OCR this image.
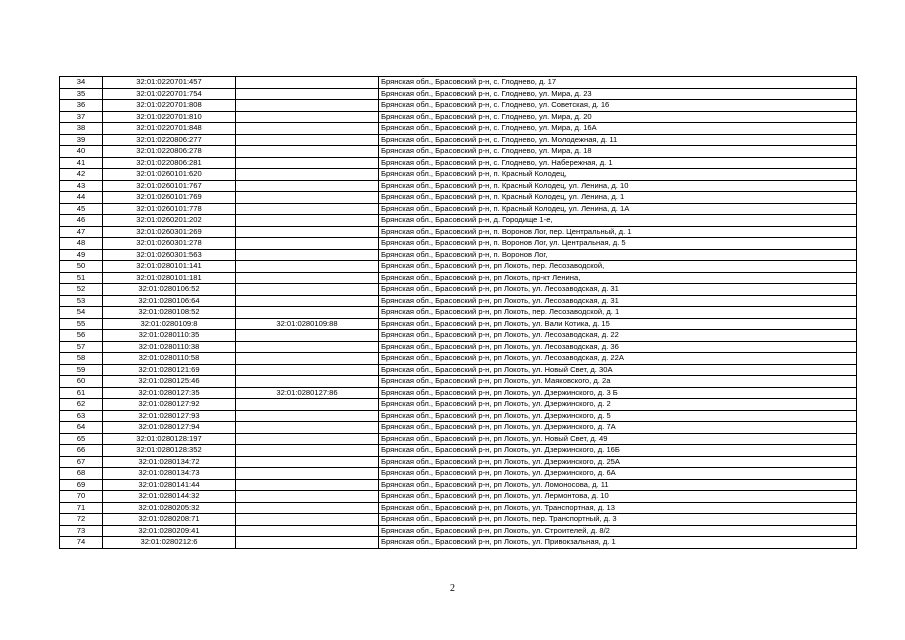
34	32:01:0220701:457		Брянская обл., Брасовский р-н, с. Глоднево, д. 17
35	32:01:0220701:754		Брянская обл., Брасовский р-н, с. Глоднево, ул. Мира, д. 23
36	32:01:0220701:808		Брянская обл., Брасовский р-н, с. Глоднево, ул. Советская, д. 16
37	32:01:0220701:810		Брянская обл., Брасовский р-н, с. Глоднево, ул. Мира, д. 20
38	32:01:0220701:848		Брянская обл., Брасовский р-н, с. Глоднево, ул. Мира, д. 16А
39	32:01:0220806:277		Брянская обл., Брасовский р-н, с. Глоднево, ул. Молодежная, д. 11
40	32:01:0220806:278		Брянская обл., Брасовский р-н, с. Глоднево, ул. Мира, д. 18
41	32:01:0220806:281		Брянская обл., Брасовский р-н, с. Глоднево, ул. Набережная, д. 1
42	32:01:0260101:620		Брянская обл., Брасовский р-н, п. Красный Колодец,
43	32:01:0260101:767		Брянская обл., Брасовский р-н, п. Красный Колодец, ул. Ленина, д. 10
44	32:01:0260101:769		Брянская обл., Брасовский р-н, п. Красный Колодец, ул. Ленина, д. 1
45	32:01:0260101:778		Брянская обл., Брасовский р-н, п. Красный Колодец, ул. Ленина, д. 1А
46	32:01:0260201:202		Брянская обл., Брасовский р-н, д. Городище 1-е,
47	32:01:0260301:269		Брянская обл., Брасовский р-н, п. Воронов Лог, пер. Центральный, д. 1
48	32:01:0260301:278		Брянская обл., Брасовский р-н, п. Воронов Лог, ул. Центральная, д. 5
49	32:01:0260301:563		Брянская обл., Брасовский р-н, п. Воронов Лог,
50	32:01:0280101:141		Брянская обл., Брасовский р-н, рп Локоть, пер. Лесозаводской,
51	32:01:0280101:181		Брянская обл., Брасовский р-н, рп Локоть, пр-кт Ленина,
52	32:01:0280106:52		Брянская обл., Брасовский р-н, рп Локоть, ул. Лесозаводская, д. 31
53	32:01:0280106:64		Брянская обл., Брасовский р-н, рп Локоть, ул. Лесозаводская, д. 31
54	32:01:0280108:52		Брянская обл., Брасовский р-н, рп Локоть, пер. Лесозаводской, д. 1
55	32:01:0280109:8	32:01:0280109:88	Брянская обл., Брасовский р-н, рп Локоть, ул. Вали Котика, д. 15
56	32:01:0280110:35		Брянская обл., Брасовский р-н, рп Локоть, ул. Лесозаводская, д. 22
57	32:01:0280110:38		Брянская обл., Брасовский р-н, рп Локоть, ул. Лесозаводская, д. 36
58	32:01:0280110:58		Брянская обл., Брасовский р-н, рп Локоть, ул. Лесозаводская, д. 22А
59	32:01:0280121:69		Брянская обл., Брасовский р-н, рп Локоть, ул. Новый Свет, д. 30А
60	32:01:0280125:46		Брянская обл., Брасовский р-н, рп Локоть, ул. Маяковского, д. 2а
61	32:01:0280127:35	32:01:0280127:86	Брянская обл., Брасовский р-н, рп Локоть, ул. Дзержинского, д. 3 Б
62	32:01:0280127:92		Брянская обл., Брасовский р-н, рп Локоть, ул. Дзержинского, д. 2
63	32:01:0280127:93		Брянская обл., Брасовский р-н, рп Локоть, ул. Дзержинского, д. 5
64	32:01:0280127:94		Брянская обл., Брасовский р-н, рп Локоть, ул. Дзержинского, д. 7А
65	32:01:0280128:197		Брянская обл., Брасовский р-н, рп Локоть, ул. Новый Свет, д. 49
66	32:01:0280128:352		Брянская обл., Брасовский р-н, рп Локоть, ул. Дзержинского, д. 16Б
67	32:01:0280134:72		Брянская обл., Брасовский р-н, рп Локоть, ул. Дзержинского, д. 25А
68	32:01:0280134:73		Брянская обл., Брасовский р-н, рп Локоть, ул. Дзержинского, д. 6А
69	32:01:0280141:44		Брянская обл., Брасовский р-н, рп Локоть, ул. Ломоносова, д. 11
70	32:01:0280144:32		Брянская обл., Брасовский р-н, рп Локоть, ул. Лермонтова, д. 10
71	32:01:0280205:32		Брянская обл., Брасовский р-н, рп Локоть, ул. Транспортная, д. 13
72	32:01:0280208:71		Брянская обл., Брасовский р-н, рп Локоть, пер. Транспортный, д. 3
73	32:01:0280209:41		Брянская обл., Брасовский р-н, рп Локоть, ул. Строителей, д. 8/2
74	32:01:0280212:6		Брянская обл., Брасовский р-н, рп Локоть, ул. Привокзальная, д. 1
2
